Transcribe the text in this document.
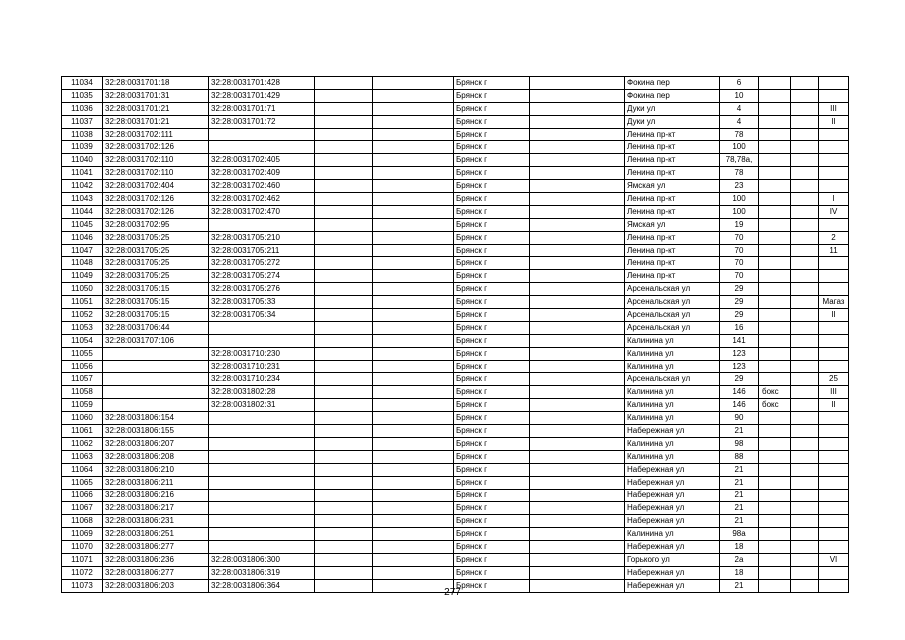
11034	32:28:0031701:18	32:28:0031701:428			Брянск г		Фокина пер	6			
11035	32:28:0031701:31	32:28:0031701:429			Брянск г		Фокина пер	10			
11036	32:28:0031701:21	32:28:0031701:71			Брянск г		Дуки ул	4			III
11037	32:28:0031701:21	32:28:0031701:72			Брянск г		Дуки ул	4			II
11038	32:28:0031702:111				Брянск г		Ленина пр-кт	78			
11039	32:28:0031702:126				Брянск г		Ленина пр-кт	100			
11040	32:28:0031702:110	32:28:0031702:405			Брянск г		Ленина пр-кт	78,78а,			
11041	32:28:0031702:110	32:28:0031702:409			Брянск г		Ленина пр-кт	78			
11042	32:28:0031702:404	32:28:0031702:460			Брянск г		Ямская ул	23			
11043	32:28:0031702:126	32:28:0031702:462			Брянск г		Ленина пр-кт	100			I
11044	32:28:0031702:126	32:28:0031702:470			Брянск г		Ленина пр-кт	100			IV
11045	32:28:0031702:95				Брянск г		Ямская ул	19			
11046	32:28:0031705:25	32:28:0031705:210			Брянск г		Ленина пр-кт	70			2
11047	32:28:0031705:25	32:28:0031705:211			Брянск г		Ленина пр-кт	70			11
11048	32:28:0031705:25	32:28:0031705:272			Брянск г		Ленина пр-кт	70			
11049	32:28:0031705:25	32:28:0031705:274			Брянск г		Ленина пр-кт	70			
11050	32:28:0031705:15	32:28:0031705:276			Брянск г		Арсенальская ул	29			
11051	32:28:0031705:15	32:28:0031705:33			Брянск г		Арсенальская ул	29			Магаз
11052	32:28:0031705:15	32:28:0031705:34			Брянск г		Арсенальская ул	29			II
11053	32:28:0031706:44				Брянск г		Арсенальская ул	16			
11054	32:28:0031707:106				Брянск г		Калинина ул	141			
11055		32:28:0031710:230			Брянск г		Калинина ул	123			
11056		32:28:0031710:231			Брянск г		Калинина ул	123			
11057		32:28:0031710:234			Брянск г		Арсенальская ул	29			25
11058		32:28:0031802:28			Брянск г		Калинина ул	146	бокс		III
11059		32:28:0031802:31			Брянск г		Калинина ул	146	бокс		II
11060	32:28:0031806:154				Брянск г		Калинина ул	90			
11061	32:28:0031806:155				Брянск г		Набережная ул	21			
11062	32:28:0031806:207				Брянск г		Калинина ул	98			
11063	32:28:0031806:208				Брянск г		Калинина ул	88			
11064	32:28:0031806:210				Брянск г		Набережная ул	21			
11065	32:28:0031806:211				Брянск г		Набережная ул	21			
11066	32:28:0031806:216				Брянск г		Набережная ул	21			
11067	32:28:0031806:217				Брянск г		Набережная ул	21			
11068	32:28:0031806:231				Брянск г		Набережная ул	21			
11069	32:28:0031806:251				Брянск г		Калинина ул	98а			
11070	32:28:0031806:277				Брянск г		Набережная ул	18			
11071	32:28:0031806:236	32:28:0031806:300			Брянск г		Горького ул	2а			VI
11072	32:28:0031806:277	32:28:0031806:319			Брянск г		Набережная ул	18			
11073	32:28:0031806:203	32:28:0031806:364			Брянск г		Набережная ул	21			
277
